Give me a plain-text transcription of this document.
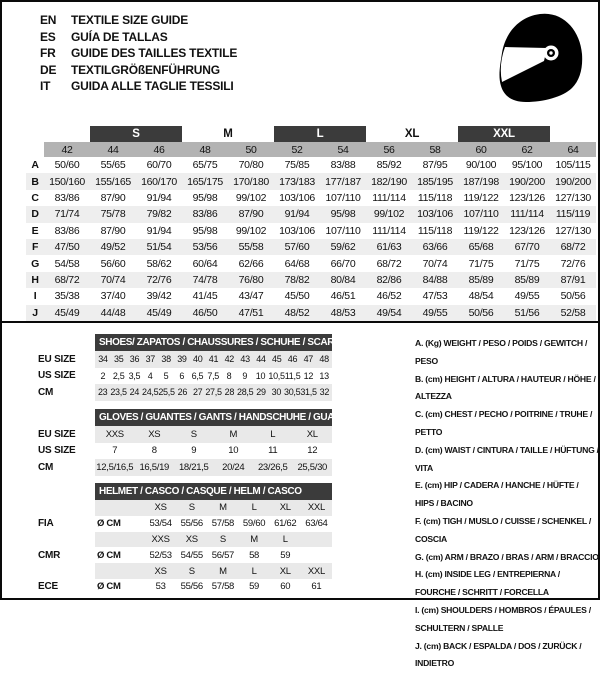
EN	TEXTILE SIZE GUIDE
ES	GUÍA DE TALLAS
FR	GUIDE DES TAILLES TEXTILE
DE	TEXTILGRÖßENFÜHRUNG
IT	GUIDA ALLE TAGLIE TESSILI
S	M	L	XL	XXL
42	44	46	48	50	52	54	56	58	60	62	64
A	50/60	55/65	60/70	65/75	70/80	75/85	83/88	85/92	87/95	90/100	95/100	105/115
B 150/160 155/165 160/170 165/175 170/180 173/183 177/187 182/190 185/195 187/198 190/200 190/200
C	83/86	87/90	91/94	95/98	99/102	103/106	107/110	111/114	115/118	119/122	123/126 127/130
D	71/74	75/78	79/82	83/86	87/90	91/94	95/98	99/102	103/106	107/110	111/114	115/119
E	83/86	87/90	91/94	95/98	99/102	103/106	107/110	111/114	115/118	119/122	123/126 127/130
F	47/50	49/52	51/54	53/56	55/58	57/60	59/62	61/63	63/66	65/68	67/70	68/72
G	54/58	56/60	58/62	60/64	62/66	64/68	66/70	68/72	70/74	71/75	71/75	72/76
H	68/72	70/74	72/76	74/78	76/80	78/82	80/84	82/86	84/88	85/89	85/89	87/91
I	35/38	37/40	39/42	41/45	43/47	45/50	46/51	46/52	47/53	48/54	49/55	50/56
J	45/49	44/48	45/49	46/50	47/51	48/52	48/53	49/54	49/55	50/56	51/56	52/58
SHOES/ ZAPATOS / CHAUSSURES / SCHUHE / SCARPE
EU SIZE	34 35 36 37 38 39 40 41 42 43 44 45 46 47 48
US SIZE	2 2,5 3,5 4	5	6 6,5 7,5 8	9 10 10,5 11,5 12 13
CM	23 23,5 24 24,5 25,5 26 27 27,5 28 28,5 29 30 30,5 31,5 32
GLOVES / GUANTES / GANTS / HANDSCHUHE / GUANTI
EU SIZE	XXS	XS	S	M	L	XL
US SIZE	7	8	9	10	11	12
CM	12,5/16,5 16,5/19	18/21,5	20/24	23/26,5	25,5/30
HELMET / CASCO / CASQUE / HELM / CASCO
XS	S	M	L	XL	XXL
FIA	Ø CM	53/54 55/56 57/58 59/60 61/62 63/64
XXS	XS	S	M	L
CMR	Ø CM	52/53 54/55 56/57	58	59
XS	S	M	L	XL	XXL
ECE	Ø CM	53	55/56 57/58	59	60	61
A. (Kg) WEIGHT / PESO / POIDS / GEWITCH / PESO
B. (cm) HEIGHT / ALTURA / HAUTEUR / HÖHE / ALTEZZA
C. (cm) CHEST / PECHO / POITRINE / TRUHE / PETTO
D. (cm) WAIST / CINTURA / TAILLE / HÜFTUNG / VITA
E. (cm) HIP / CADERA / HANCHE / HÜFTE / HIPS / BACINO
F. (cm) TIGH / MUSLO / CUISSE / SCHENKEL / COSCIA
G. (cm) ARM / BRAZO / BRAS / ARM / BRACCIO
H. (cm) INSIDE LEG / ENTREPIERNA / FOURCHE / SCHRITT / FORCELLA
I. (cm) SHOULDERS / HOMBROS / ÉPAULES / SCHULTERN / SPALLE
J. (cm) BACK / ESPALDA / DOS / ZURÜCK / INDIETRO
